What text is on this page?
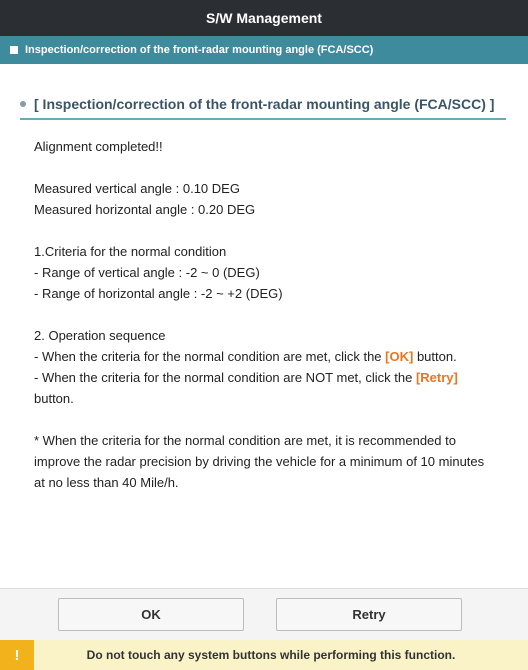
S/W Management
Inspection/correction of the front-radar mounting angle (FCA/SCC)
[ Inspection/correction of the front-radar mounting angle (FCA/SCC) ]
Alignment completed!!
Measured vertical angle : 0.10 DEG
Measured horizontal angle : 0.20 DEG
1.Criteria for the normal condition
- Range of vertical angle : -2 ~ 0 (DEG)
- Range of horizontal angle : -2 ~ +2 (DEG)
2. Operation sequence
- When the criteria for the normal condition are met, click the [OK] button.
- When the criteria for the normal condition are NOT met, click the [Retry] button.
* When the criteria for the normal condition are met, it is recommended to improve the radar precision by driving the vehicle for a minimum of 10 minutes at no less than 40 Mile/h.
OK	Retry
!	Do not touch any system buttons while performing this function.
